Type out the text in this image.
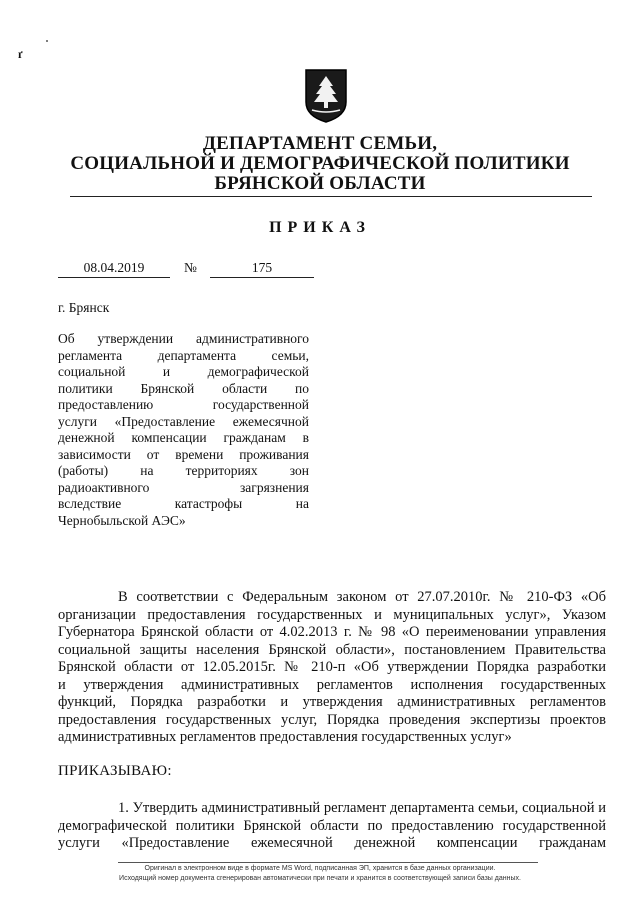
ґ
ДЕПАРТАМЕНТ СЕМЬИ,
СОЦИАЛЬНОЙ И ДЕМОГРАФИЧЕСКОЙ ПОЛИТИКИ
БРЯНСКОЙ ОБЛАСТИ
ПРИКАЗ
08.04.2019	№	175
г. Брянск
Об утверждении административного
регламента департамента семьи,
социальной и демографической
политики Брянской области по
предоставлению государственной
услуги «Предоставление ежемесячной
денежной компенсации гражданам в
зависимости от времени проживания
(работы) на территориях зон
радиоактивного загрязнения
вследствие катастрофы на
Чернобыльской АЭС»
В соответствии с Федеральным законом от 27.07.2010г. № 210-ФЗ «Об
организации предоставления государственных и муниципальных услуг», Указом
Губернатора Брянской области от 4.02.2013 г. № 98 «О переименовании управления
социальной защиты населения Брянской области», постановлением Правительства
Брянской области от 12.05.2015г. № 210-п «Об утверждении Порядка разработки
и утверждения административных регламентов исполнения государственных
функций, Порядка разработки и утверждения административных регламентов
предоставления государственных услуг, Порядка проведения экспертизы проектов
административных регламентов предоставления государственных услуг»
ПРИКАЗЫВАЮ:
1. Утвердить административный регламент департамента семьи, социальной и
демографической политики Брянской области по предоставлению государственной
услуги «Предоставление ежемесячной денежной компенсации гражданам
Оригинал в электронном виде в формате MS Word, подписанная ЭП, хранится в базе данных организации.
Исходящий номер документа сгенерирован автоматически при печати и хранится в соответствующей записи базы данных.
